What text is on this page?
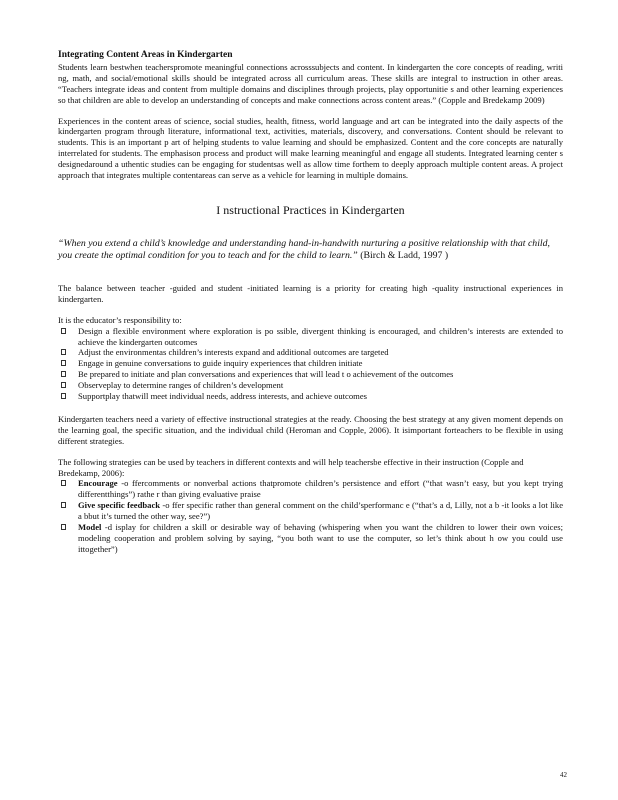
Integrating Content Areas in Kindergarten

Students learn bestwhen teacherspromote meaningful connections acrosssubjects and content. In kindergarten the core concepts of reading, writi ng, math, and social/emotional skills should be integrated across all curriculum areas. These skills are integral to instruction in other areas. “Teachers integrate ideas and content from multiple domains and disciplines through projects, play opportunitie s and other learning experiences so that children are able to develop an understanding of concepts and make connections across content areas.” (Copple and Bredekamp 2009)

Experiences in the content areas of science, social studies, health, fitness, world language and art can be integrated into the daily aspects of the kindergarten program through literature, informational text, activities, materials, discovery, and conversations. Content should be relevant to students. This is an important p art of helping students to value learning and should be emphasized. Content and the core concepts are naturally interrelated for students. The emphasison process and product will make learning meaningful and engage all students. Integrated learning center s designedaround a uthentic studies can be engaging for studentsas well as allow time forthem to deeply approach multiple content areas. A project approach that integrates multiple contentareas can serve as a vehicle for learning in multiple domains.

I nstructional Practices in Kindergarten
“When you extend a child’s knowledge and understanding hand-in-handwith nurturing a positive relationship with that child, you create the optimal condition for you to teach and for the child to learn.” (Birch & Ladd, 1997 )

The balance between teacher -guided and student -initiated learning is a priority for creating high -quality instructional experiences in kindergarten.

It is the educator’s responsibility to:
Design a flexible environment where exploration is po ssible, divergent thinking is encouraged, and children’s interests are extended to achieve the kindergarten outcomes
Adjust the environmentas children’s interests expand and additional outcomes are targeted
Engage in genuine conversations to guide inquiry experiences that children initiate
Be prepared to initiate and plan conversations and experiences that will lead t o achievement of the outcomes
Observeplay to determine ranges of children’s development
Supportplay thatwill meet individual needs, address interests, and achieve outcomes

Kindergarten teachers need a variety of effective instructional strategies at the ready. Choosing the best strategy at any given moment depends on the learning goal, the specific situation, and the individual child (Heroman and Copple, 2006). It isimportant forteachers to be flexible in using different strategies.

The following strategies can be used by teachers in different contexts and will help teachersbe effective in their instruction (Copple and Bredekamp, 2006):
Encourage -o ffercomments or nonverbal actions thatpromote children’s persistence and effort (“that wasn’t easy, but you kept trying differentthings”) rathe r than giving evaluative praise
Give specific feedback -o ffer specific rather than general comment on the child’sperformanc e (“that’s a d, Lilly, not a b -it looks a lot like a bbut it’s turned the other way, see?”)
Model -d isplay for children a skill or desirable way of behaving (whispering when you want the children to lower their own voices; modeling cooperation and problem solving by saying, “you both want to use the computer, so let’s think about h ow you could use ittogether”)
42
